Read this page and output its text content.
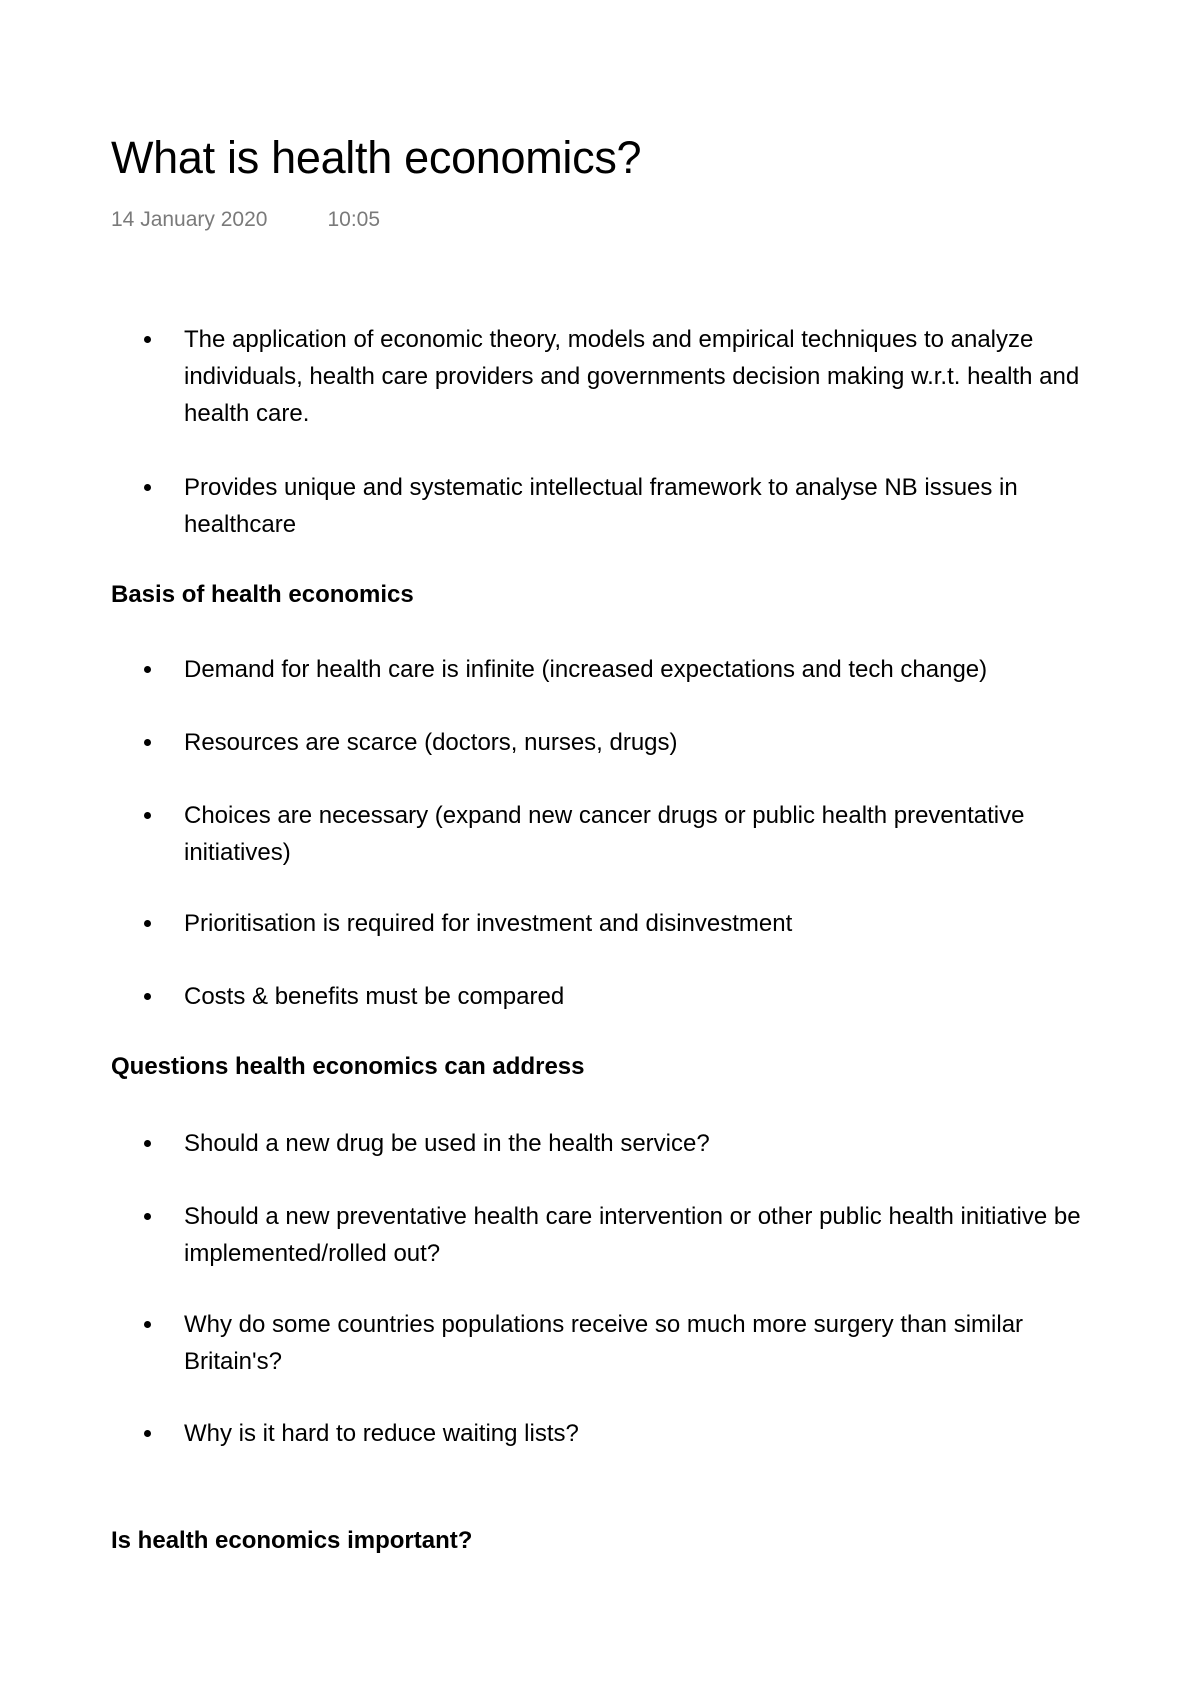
What is health economics?
14 January 2020	10:05
The application of economic theory, models and empirical techniques to analyze individuals, health care providers and governments decision making w.r.t. health and health care.
Provides unique and systematic intellectual framework to analyse NB issues in healthcare
Basis of health economics
Demand for health care is infinite (increased expectations and tech change)
Resources are scarce (doctors, nurses, drugs)
Choices are necessary (expand new cancer drugs or public health preventative initiatives)
Prioritisation is required for investment and disinvestment
Costs & benefits must be compared
Questions health economics can address
Should a new drug be used in the health service?
Should a new preventative health care intervention or other public health initiative be implemented/rolled out?
Why do some countries populations receive so much more surgery than similar Britain's?
Why is it hard to reduce waiting lists?
Is health economics important?
